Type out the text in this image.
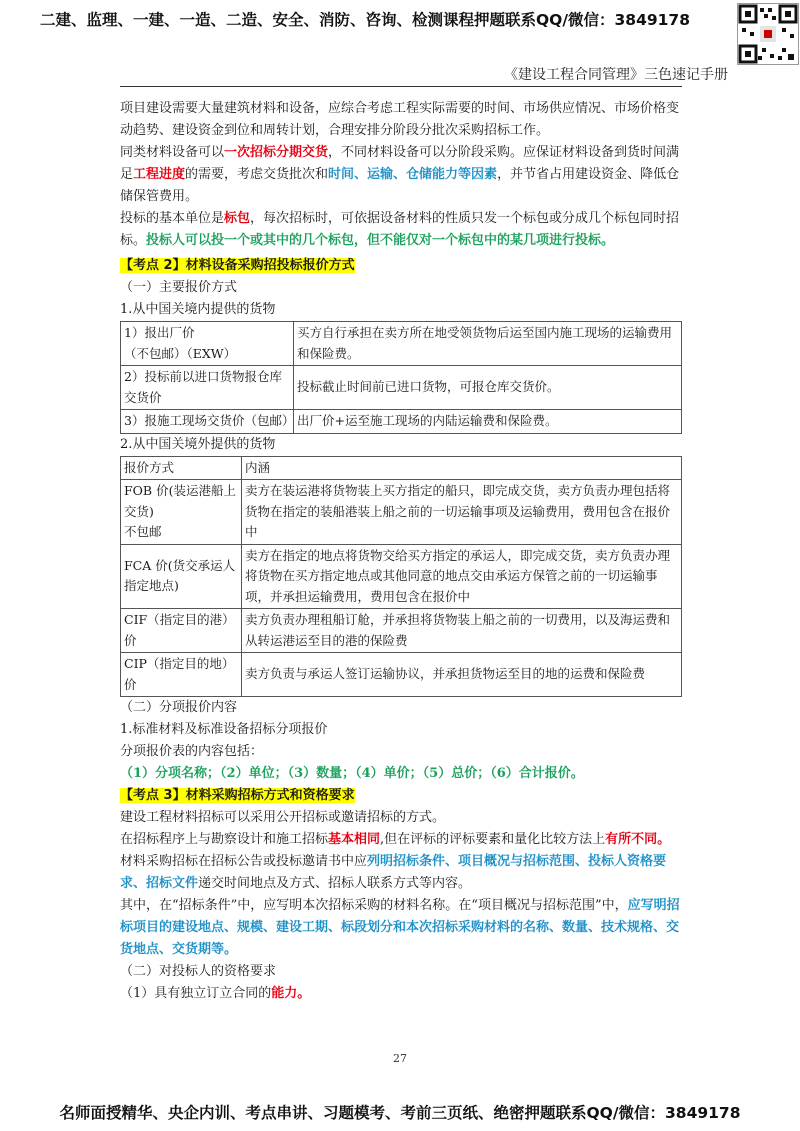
二建、监理、一建、一造、二造、安全、消防、咨询、检测课程押题联系QQ/微信：3849178
《建设工程合同管理》三色速记手册

项目建设需要大量建筑材料和设备，应综合考虑工程实际需要的时间、市场供应情况、市场价格变动趋势、建设资金到位和周转计划，合理安排分阶段分批次采购招标工作。

同类材料设备可以一次招标分期交货，不同材料设备可以分阶段采购。应保证材料设备到货时间满足工程进度的需要，考虑交货批次和时间、运输、仓储能力等因素，并节省占用建设资金、降低仓储保管费用。

投标的基本单位是标包，每次招标时，可依据设备材料的性质只发一个标包或分成几个标包同时招标。投标人可以投一个或其中的几个标包，但不能仅对一个标包中的某几项进行投标。

【考点 2】材料设备采购招投标报价方式

（一）主要报价方式

1.从中国关境内提供的货物

1）报出厂价
（不包邮）（EXW）	买方自行承担在卖方所在地受领货物后运至国内施工现场的运输费用和保险费。
2）投标前以进口货物报仓库交货价	投标截止时间前已进口货物，可报仓库交货价。
3）报施工现场交货价（包邮）	出厂价+运至施工现场的内陆运输费和保险费。

2.从中国关境外提供的货物

报价方式	内涵
FOB 价(装运港船上交货)
不包邮	卖方在装运港将货物装上买方指定的船只，即完成交货，卖方负责办理包括将货物在指定的装船港装上船之前的一切运输事项及运输费用，费用包含在报价中
FCA 价(货交承运人指定地点)	卖方在指定的地点将货物交给买方指定的承运人，即完成交货，卖方负责办理将货物在买方指定地点或其他同意的地点交由承运方保管之前的一切运输事项，并承担运输费用，费用包含在报价中
CIF（指定目的港）价	卖方负责办理租船订舱，并承担将货物装上船之前的一切费用，以及海运费和从转运港运至目的港的保险费
CIP（指定目的地）价	卖方负责与承运人签订运输协议，并承担货物运至目的地的运费和保险费

（二）分项报价内容

1.标准材料及标准设备招标分项报价

分项报价表的内容包括：

（1）分项名称；（2）单位；（3）数量；（4）单价；（5）总价；（6）合计报价。

【考点 3】材料采购招标方式和资格要求

建设工程材料招标可以采用公开招标或邀请招标的方式。

在招标程序上与勘察设计和施工招标基本相同,但在评标的评标要素和量化比较方法上有所不同。

材料采购招标在招标公告或投标邀请书中应列明招标条件、项目概况与招标范围、投标人资格要求、招标文件递交时间地点及方式、招标人联系方式等内容。

其中，在“招标条件”中，应写明本次招标采购的材料名称。在“项目概况与招标范围”中，应写明招标项目的建设地点、规模、建设工期、标段划分和本次招标采购材料的名称、数量、技术规格、交货地点、交货期等。

（二）对投标人的资格要求

（1）具有独立订立合同的能力。

27
名师面授精华、央企内训、考点串讲、习题模考、考前三页纸、绝密押题联系QQ/微信：3849178
